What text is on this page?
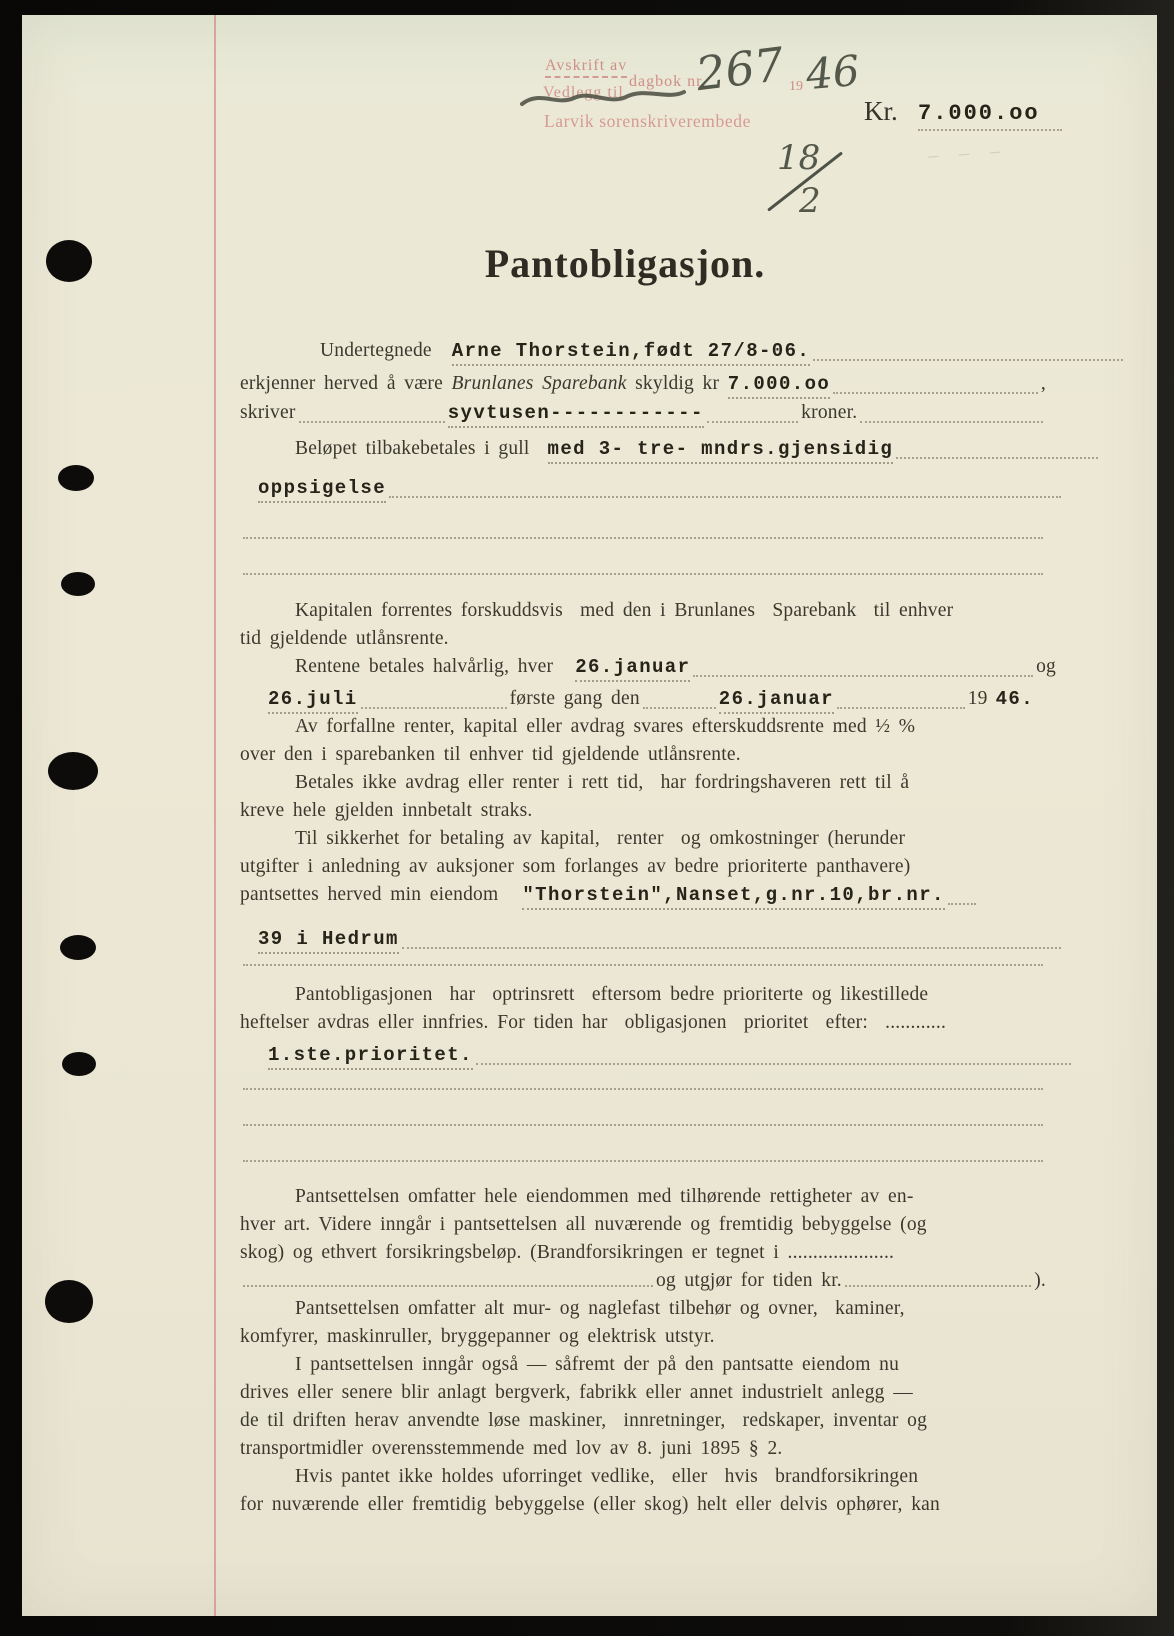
Avskrift av
Vedlegg til
dagbok nr.
267 19 46
Larvik sorenskriverembede	Kr. 7.000.oo
– – –
18
2
Pantobligasjon.
Undertegnede Arne Thorstein,født 27/8-06.
erkjenner herved å være Brunlanes Sparebank skyldig kr 7.000.oo	,
skriver	syvtusen------------	kroner.
Beløpet tilbakebetales i gull med 3- tre- mndrs.gjensidig
oppsigelse
Kapitalen forrentes forskuddsvis  med den i Brunlanes  Sparebank  til enhver
tid gjeldende utlånsrente.
Rentene betales halvårlig, hver 26.januar	og
26.juli	første gang den	26.januar	19 46.
Av forfallne renter, kapital eller avdrag svares efterskuddsrente med ½ %
over den i sparebanken til enhver tid gjeldende utlånsrente.
Betales ikke avdrag eller renter i rett tid,  har fordringshaveren rett til å
kreve hele gjelden innbetalt straks.
Til sikkerhet for betaling av kapital,  renter  og omkostninger (herunder
utgifter i anledning av auksjoner som forlanges av bedre prioriterte panthavere)
pantsettes herved min eiendom "Thorstein",Nanset,g.nr.10,br.nr.
39 i Hedrum
Pantobligasjonen  har  optrinsrett  eftersom bedre prioriterte og likestillede
heftelser avdras eller innfries. For tiden har  obligasjonen  prioritet  efter:  ............
1.ste.prioritet.
Pantsettelsen omfatter hele eiendommen med tilhørende rettigheter av en-
hver art. Videre inngår i pantsettelsen all nuværende og fremtidig bebyggelse (og
skog) og ethvert forsikringsbeløp. (Brandforsikringen er tegnet i .....................
og utgjør for tiden kr.	).
Pantsettelsen omfatter alt mur- og naglefast tilbehør og ovner,  kaminer,
komfyrer, maskinruller, bryggepanner og elektrisk utstyr.
I pantsettelsen inngår også — såfremt der på den pantsatte eiendom nu
drives eller senere blir anlagt bergverk, fabrikk eller annet industrielt anlegg —
de til driften herav anvendte løse maskiner,  innretninger,  redskaper, inventar og
transportmidler overensstemmende med lov av 8. juni 1895 § 2.
Hvis pantet ikke holdes uforringet vedlike,  eller  hvis  brandforsikringen
for nuværende eller fremtidig bebyggelse (eller skog) helt eller delvis ophører, kan
